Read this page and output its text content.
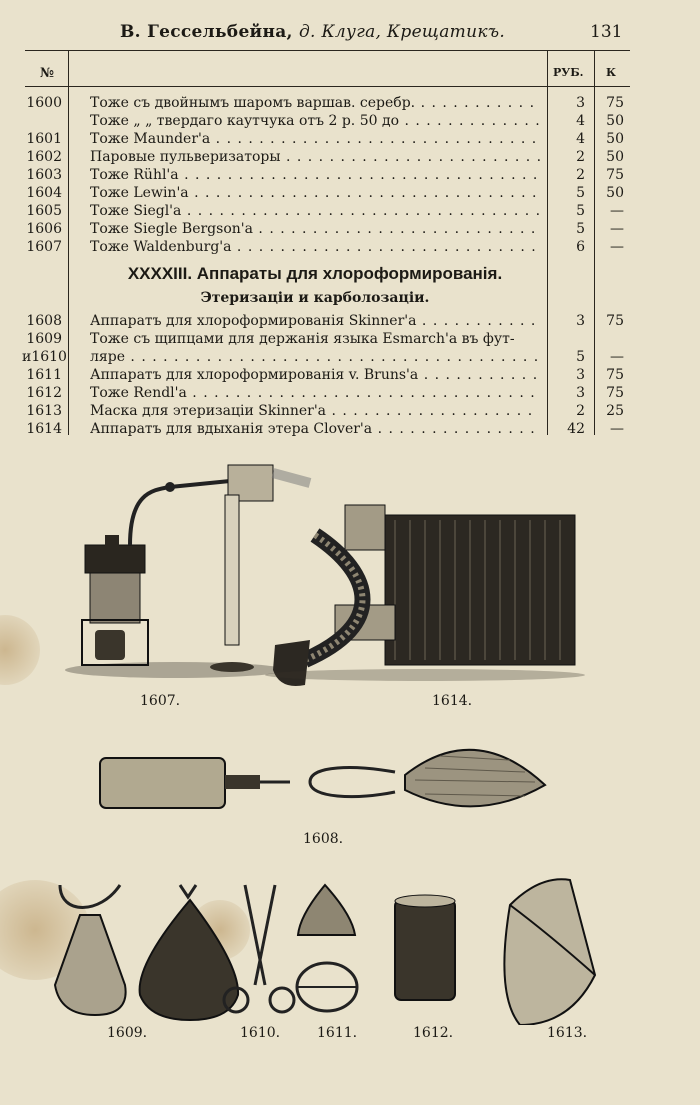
В. Гессельбейна, д. Клуга, Крещатикъ.	131
№	РУБ. К
1600 Тоже съ двойнымъ шаромъ варшав. серебр. . . .	3	75
Тоже „ „ твердаго каутчука отъ 2 р. 50 до . . .	4	50
1601 Тоже Maunder'а . . .	4	50
1602 Паровые пульверизаторы . . .	2	50
1603 Тоже Rühl'а . . .	2	75
1604 Тоже Lewin'а . . .	5	50
1605 Тоже Siegl'а . . .	5	—
1606 Тоже Siegle Bergson'а . . .	5	—
1607 Тоже Waldenburg'а . . .	6	—
XXXXIII. Аппараты для хлороформированія.
Этеризаціи и карболозаціи.
1608 Аппаратъ для хлороформированія Skinner'а . . .	3	75
1609 Тоже съ щипцами для держанія языка Esmarch'а въ фут-
и1610 ляре . . .	5	—
1611 Аппаратъ для хлороформированія v. Bruns'а . . .	3	75
1612 Тоже Rendl'а . . .	3	75
1613 Маска для этеризаціи Skinner'а . . .	2	25
1614 Аппаратъ для вдыханія этера Clover'а . . .	42	—
1607.	1614.
1608.
1609.	1610.	1611.	1612.	1613.
